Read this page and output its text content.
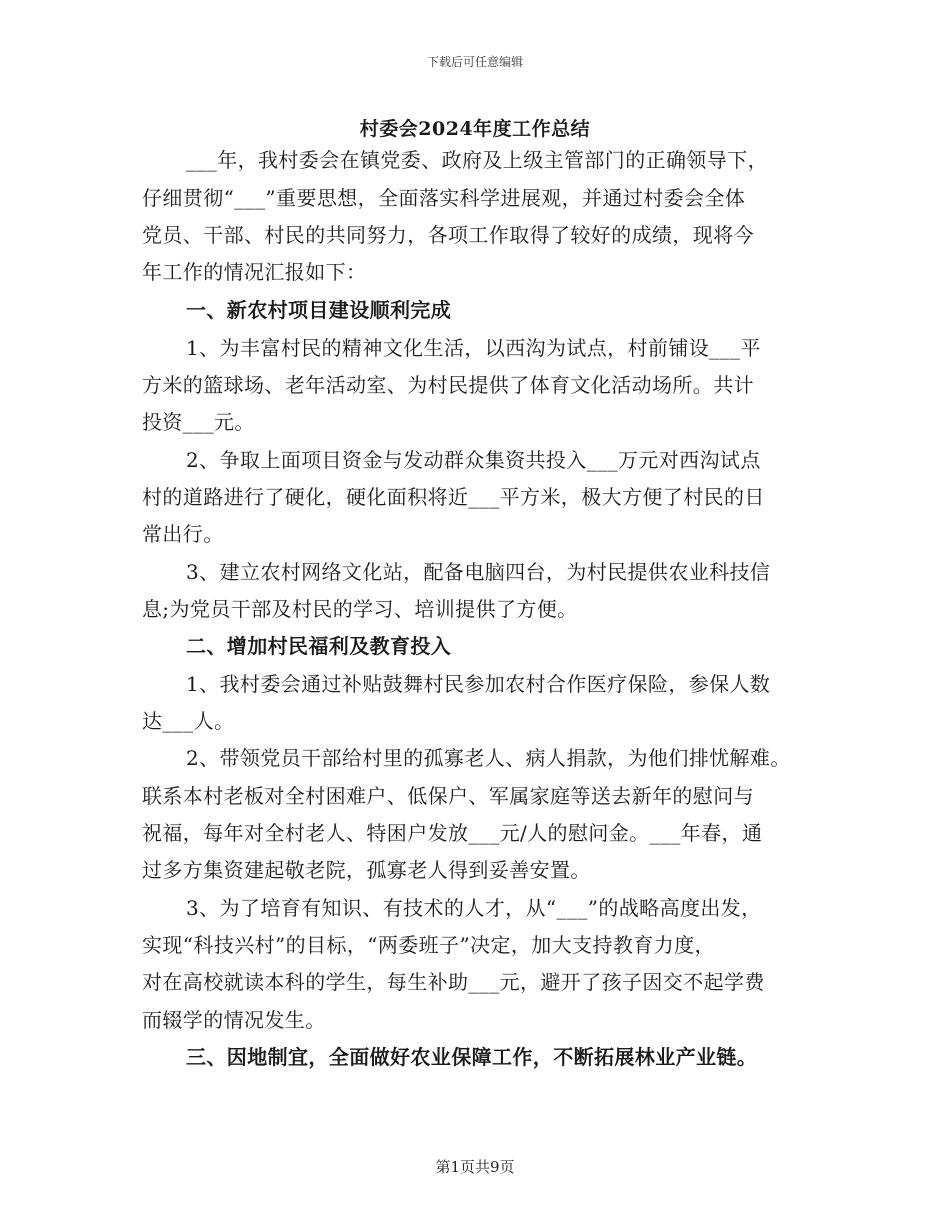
下载后可任意编辑
村委会2024年度工作总结
___年，我村委会在镇党委、政府及上级主管部门的正确领导下，
仔细贯彻“___”重要思想，全面落实科学进展观，并通过村委会全体
党员、干部、村民的共同努力，各项工作取得了较好的成绩，现将今
年工作的情况汇报如下：
一、新农村项目建设顺利完成
1、为丰富村民的精神文化生活，以西沟为试点，村前铺设___平
方米的篮球场、老年活动室、为村民提供了体育文化活动场所。共计
投资___元。
2、争取上面项目资金与发动群众集资共投入___万元对西沟试点
村的道路进行了硬化，硬化面积将近___平方米，极大方便了村民的日
常出行。
3、建立农村网络文化站，配备电脑四台，为村民提供农业科技信
息;为党员干部及村民的学习、培训提供了方便。
二、增加村民福利及教育投入
1、我村委会通过补贴鼓舞村民参加农村合作医疗保险，参保人数
达___人。
2、带领党员干部给村里的孤寡老人、病人捐款，为他们排忧解难。
联系本村老板对全村困难户、低保户、军属家庭等送去新年的慰问与
祝福，每年对全村老人、特困户发放___元/人的慰问金。___年春，通
过多方集资建起敬老院，孤寡老人得到妥善安置。
3、为了培育有知识、有技术的人才，从“___”的战略高度出发，
实现“科技兴村”的目标，“两委班子”决定，加大支持教育力度，
对在高校就读本科的学生，每生补助___元，避开了孩子因交不起学费
而辍学的情况发生。
三、因地制宜，全面做好农业保障工作，不断拓展林业产业链。
第1页共9页
